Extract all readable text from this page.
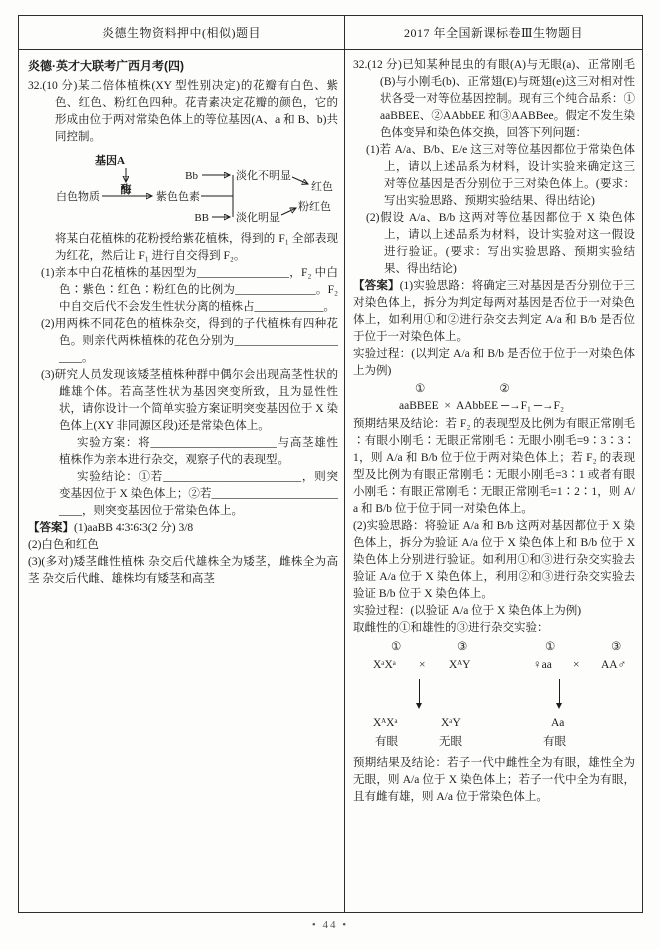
炎德生物资料押中(相似)题目	2017 年全国新课标卷Ⅲ生物题目
炎德·英才大联考广西月考(四)

32.(10 分)某二倍体植株(XY 型性别决定)的花瓣有白色、紫色、红色、粉红色四种。花青素决定花瓣的颜色，它的形成由位于两对常染色体上的等位基因(A、a 和 B、b)共同控制。

基因A
酶
白色物质	紫色色素
Bb	淡化不明显
红色
BB 淡化明显
粉红色

将某白花植株的花粉授给紫花植株，得到的 F₁ 全部表现为红花，然后让 F₁ 进行自交得到 F₂。

(1)亲本中白花植株的基因型为________________，F₂ 中白色∶紫色∶红色∶粉红色的比例为______________。F₂ 中自交后代不会发生性状分离的植株占____________。

(2)用两株不同花色的植株杂交，得到的子代植株有四种花色。则亲代两株植株的花色分别为______________________。

(3)研究人员发现该矮茎植株种群中偶尔会出现高茎性状的雌雄个体。若高茎性状为基因突变所致，且为显性性状，请你设计一个简单实验方案证明突变基因位于 X 染色体上(XY 非同源区段)还是常染色体上。

实验方案：将______________________与高茎雄性植株作为亲本进行杂交，观察子代的表现型。

实验结论：①若________________________，则突变基因位于 X 染色体上；②若__________________________，则突变基因位于常染色体上。

【答案】(1)aaBB 4∶3∶6∶3(2 分) 3/8

(2)白色和红色

(3)(多对)矮茎雌性植株 杂交后代雄株全为矮茎，雌株全为高茎 杂交后代雌、雄株均有矮茎和高茎

32.(12 分)已知某种昆虫的有眼(A)与无眼(a)、正常刚毛(B)与小刚毛(b)、正常翅(E)与斑翅(e)这三对相对性状各受一对等位基因控制。现有三个纯合品系：①aaBBEE、②AAbbEE 和③AABBee。假定不发生染色体变异和染色体交换，回答下列问题：

(1)若 A/a、B/b、E/e 这三对等位基因都位于常染色体上，请以上述品系为材料，设计实验来确定这三对等位基因是否分别位于三对染色体上。(要求：写出实验思路、预期实验结果、得出结论)

(2)假设 A/a、B/b 这两对等位基因都位于 X 染色体上，请以上述品系为材料，设计实验对这一假设进行验证。(要求：写出实验思路、预期实验结果、得出结论)

【答案】(1)实验思路：将确定三对基因是否分别位于三对染色体上，拆分为判定每两对基因是否位于一对染色体上，如利用①和②进行杂交去判定 A/a 和 B/b 是否位于位于一对染色体上。

实验过程：(以判定 A/a 和 B/b 是否位于位于一对染色体上为例)

①	②
aaBBEE  ×  AAbbEE ─→F₁ ─→F₂

预期结果及结论：若 F₂ 的表现型及比例为有眼正常刚毛∶有眼小刚毛∶无眼正常刚毛∶无眼小刚毛=9∶3∶3∶1，则 A/a 和 B/b 位于位于两对染色体上；若 F₂ 的表现型及比例为有眼正常刚毛∶无眼小刚毛=3∶1 或者有眼小刚毛∶有眼正常刚毛∶无眼正常刚毛=1∶2∶1，则 A/a 和 B/b 位于位于同一对染色体上。

(2)实验思路：将验证 A/a 和 B/b 这两对基因都位于 X 染色体上，拆分为验证 A/a 位于 X 染色体上和 B/b 位于 X 染色体上分别进行验证。如利用①和③进行杂交实验去验证 A/a 位于 X 染色体上，利用②和③进行杂交实验去验证 B/b 位于 X 染色体上。

实验过程：(以验证 A/a 位于 X 染色体上为例)

取雌性的①和雄性的③进行杂交实验：

①	③
XᵃXᵃ × XᴬY
XᴬXᵃ	XᵃY
有眼	无眼
①	③
♀aa × AA♂
Aa
有眼

预期结果及结论：若子一代中雌性全为有眼，雄性全为无眼，则 A/a 位于 X 染色体上；若子一代中全为有眼，且有雌有雄，则 A/a 位于常染色体上。

• 44 •
